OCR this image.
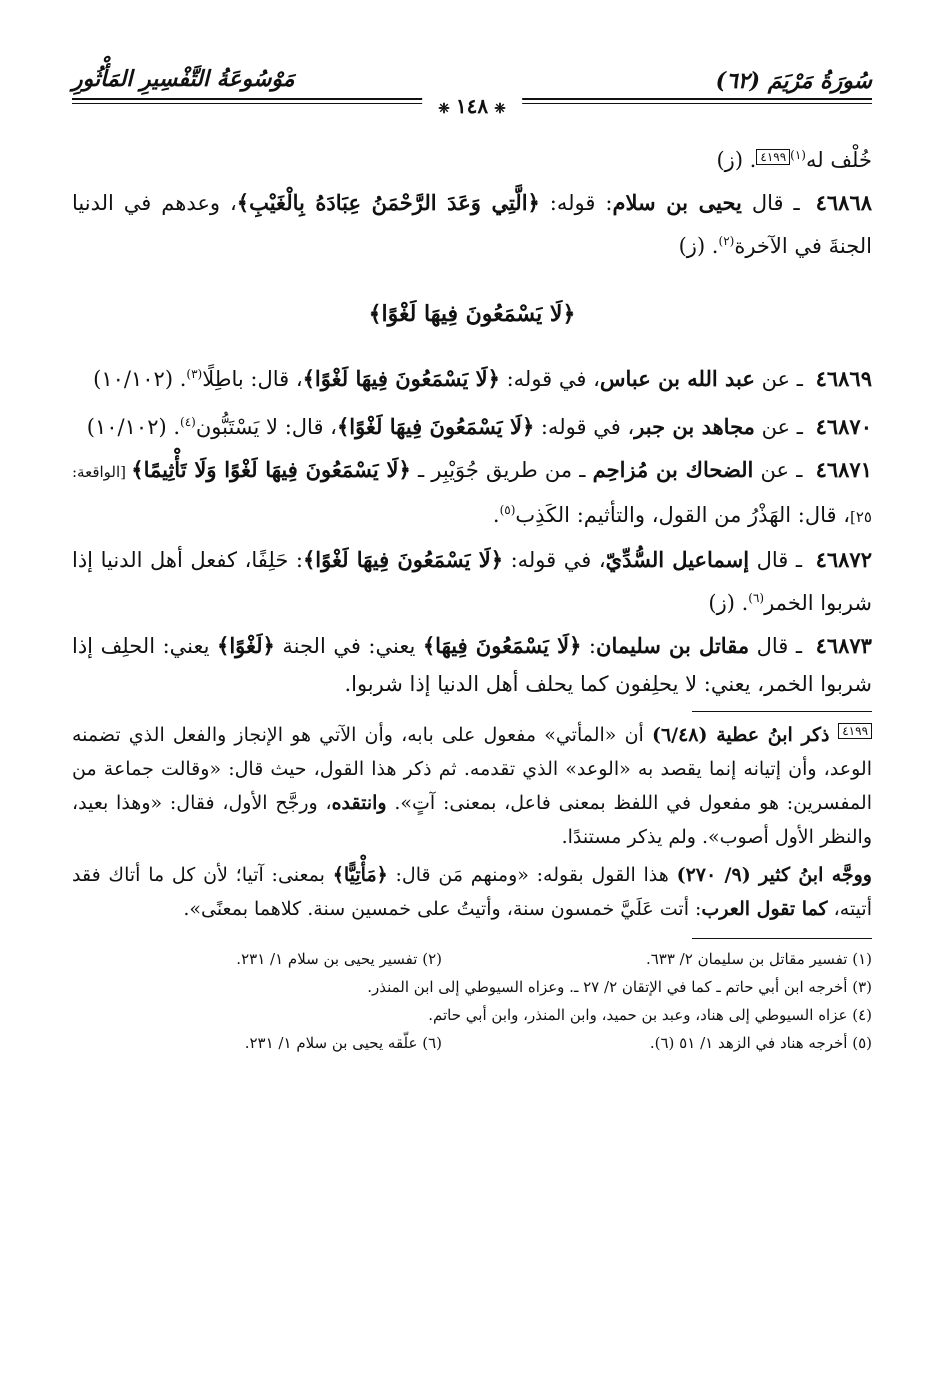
سُورَةُ مَرْيَمَ (٦٢)
مَوْسُوعَةُ التَّفْسِيرِ المَأْثُورِ
❈ ١٤٨ ❈

خُلْف له$^{(١)}$٤١٩٩. (ز)

٤٦٨٦٨ ـ قال يحيى بن سلام: قوله: ﴿الَّتِي وَعَدَ الرَّحْمَنُ عِبَادَهُ بِالْغَيْبِ﴾، وعدهم في الدنيا الجنةَ في الآخرة$^{(٢)}$. (ز)

﴿لَا يَسْمَعُونَ فِيهَا لَغْوًا﴾

٤٦٨٦٩ ـ عن عبد الله بن عباس، في قوله: ﴿لَا يَسْمَعُونَ فِيهَا لَغْوًا﴾، قال: باطِلًا$^{(٣)}$. (١٠/١٠٢)

٤٦٨٧٠ ـ عن مجاهد بن جبر، في قوله: ﴿لَا يَسْمَعُونَ فِيهَا لَغْوًا﴾، قال: لا يَسْتَبُّون$^{(٤)}$. (١٠/١٠٢)

٤٦٨٧١ ـ عن الضحاك بن مُزاحِم ـ من طريق جُوَيْبِر ـ ﴿لَا يَسْمَعُونَ فِيهَا لَغْوًا وَلَا تَأْثِيمًا﴾ [الواقعة: ٢٥]، قال: الهَذْرُ من القول، والتأثيم: الكَذِب$^{(٥)}$.

٤٦٨٧٢ ـ قال إسماعيل السُّدِّيّ، في قوله: ﴿لَا يَسْمَعُونَ فِيهَا لَغْوًا﴾: حَلِفًا، كفعل أهل الدنيا إذا شربوا الخمر$^{(٦)}$. (ز)

٤٦٨٧٣ ـ قال مقاتل بن سليمان: ﴿لَا يَسْمَعُونَ فِيهَا﴾ يعني: في الجنة ﴿لَغْوًا﴾ يعني: الحلِف إذا شربوا الخمر، يعني: لا يحلِفون كما يحلف أهل الدنيا إذا شربوا.

٤١٩٩ ذكر ابنُ عطية (٦/٤٨) أن «المأتي» مفعول على بابه، وأن الآتي هو الإنجاز والفعل الذي تضمنه الوعد، وأن إتيانه إنما يقصد به «الوعد» الذي تقدمه. ثم ذكر هذا القول، حيث قال: «وقالت جماعة من المفسرين: هو مفعول في اللفظ بمعنى فاعل، بمعنى: آتٍ». وانتقده، ورجَّح الأول، فقال: «وهذا بعيد، والنظر الأول أصوب». ولم يذكر مستندًا.

ووجَّه ابنُ كثير (٩/ ٢٧٠) هذا القول بقوله: «ومنهم مَن قال: ﴿مَأْتِيًّا﴾ بمعنى: آتيا؛ لأن كل ما أتاك فقد أتيته، كما تقول العرب: أتت عَلَيَّ خمسون سنة، وأتيتُ على خمسين سنة. كلاهما بمعنًى».

(١) تفسير مقاتل بن سليمان ٢/ ٦٣٣.
(٢) تفسير يحيى بن سلام ١/ ٢٣١.
(٣) أخرجه ابن أبي حاتم ـ كما في الإتقان ٢/ ٢٧ ـ. وعزاه السيوطي إلى ابن المنذر.
(٤) عزاه السيوطي إلى هناد، وعبد بن حميد، وابن المنذر، وابن أبي حاتم.
(٥) أخرجه هناد في الزهد ١/ ٥١ (٦).
(٦) علّقه يحيى بن سلام ١/ ٢٣١.
